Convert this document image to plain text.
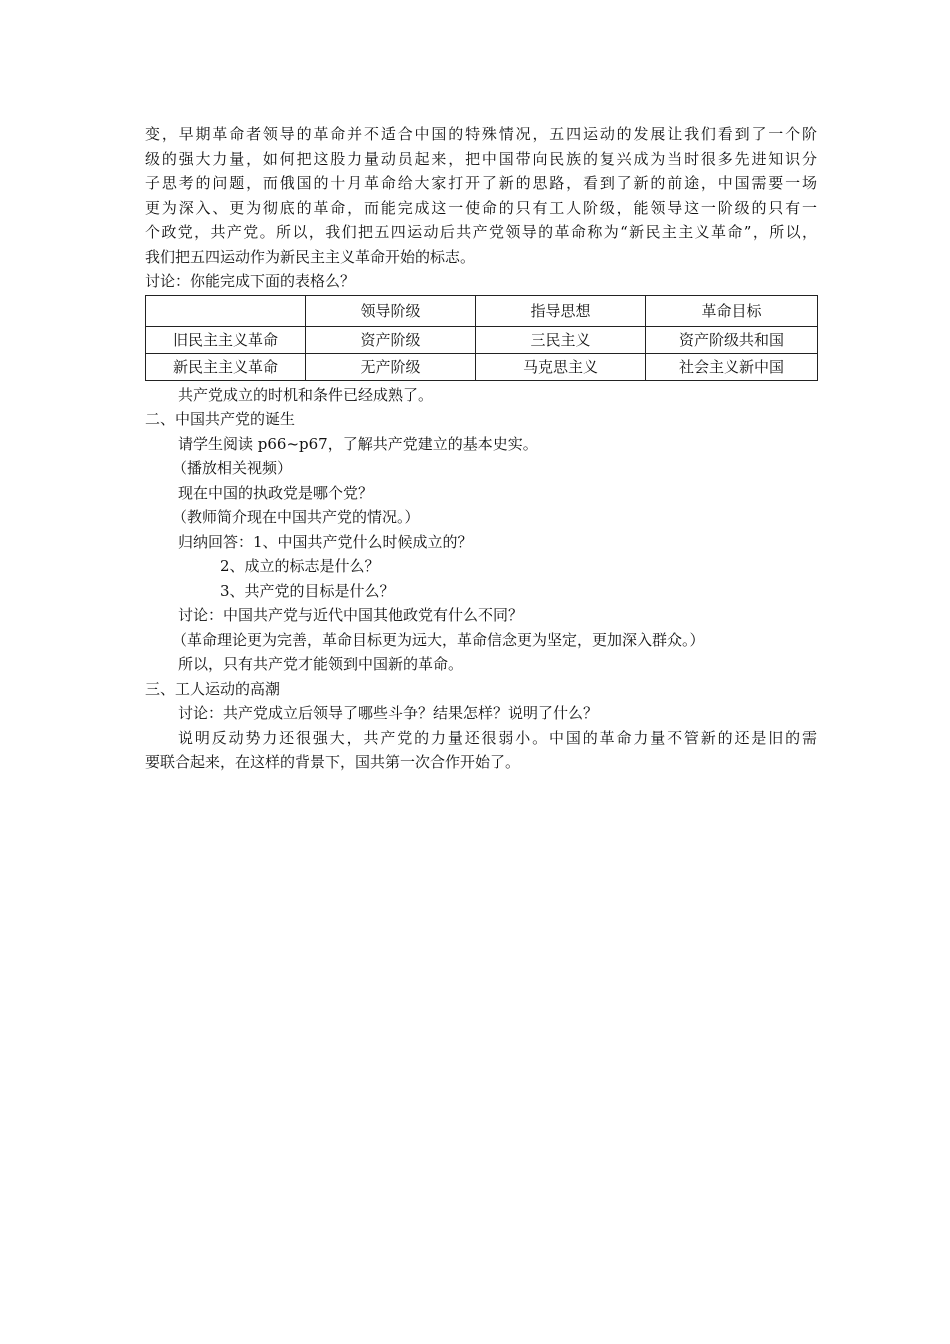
变，早期革命者领导的革命并不适合中国的特殊情况，五四运动的发展让我们看到了一个阶
级的强大力量，如何把这股力量动员起来，把中国带向民族的复兴成为当时很多先进知识分
子思考的问题，而俄国的十月革命给大家打开了新的思路，看到了新的前途，中国需要一场
更为深入、更为彻底的革命，而能完成这一使命的只有工人阶级，能领导这一阶级的只有一
个政党，共产党。所以，我们把五四运动后共产党领导的革命称为“新民主主义革命”，所以，
我们把五四运动作为新民主主义革命开始的标志。
讨论：你能完成下面的表格么？
	领导阶级	指导思想	革命目标
旧民主主义革命	资产阶级	三民主义	资产阶级共和国
新民主主义革命	无产阶级	马克思主义	社会主义新中国
共产党成立的时机和条件已经成熟了。
二、中国共产党的诞生
请学生阅读 p66~p67，了解共产党建立的基本史实。
（播放相关视频）
现在中国的执政党是哪个党？
（教师简介现在中国共产党的情况。）
归纳回答：1、中国共产党什么时候成立的？
2、成立的标志是什么？
3、共产党的目标是什么？
讨论：中国共产党与近代中国其他政党有什么不同？
（革命理论更为完善，革命目标更为远大，革命信念更为坚定，更加深入群众。）
所以，只有共产党才能领到中国新的革命。
三、工人运动的高潮
讨论：共产党成立后领导了哪些斗争？结果怎样？说明了什么？
说明反动势力还很强大，共产党的力量还很弱小。中国的革命力量不管新的还是旧的需
要联合起来，在这样的背景下，国共第一次合作开始了。
